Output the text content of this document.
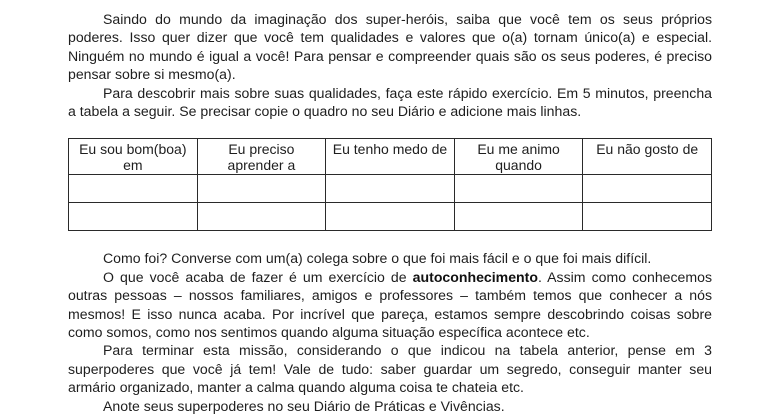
Saindo do mundo da imaginação dos super-heróis, saiba que você tem os seus próprios poderes. Isso quer dizer que você tem qualidades e valores que o(a) tornam único(a) e especial. Ninguém no mundo é igual a você! Para pensar e compreender quais são os seus poderes, é preciso pensar sobre si mesmo(a).

Para descobrir mais sobre suas qualidades, faça este rápido exercício. Em 5 minutos, preencha a tabela a seguir. Se precisar copie o quadro no seu Diário e adicione mais linhas.

Eu sou bom(boa) em	Eu preciso aprender a	Eu tenho medo de	Eu me animo quando	Eu não gosto de

Como foi? Converse com um(a) colega sobre o que foi mais fácil e o que foi mais difícil.

O que você acaba de fazer é um exercício de autoconhecimento. Assim como conhecemos outras pessoas – nossos familiares, amigos e professores – também temos que conhecer a nós mesmos! E isso nunca acaba. Por incrível que pareça, estamos sempre descobrindo coisas sobre como somos, como nos sentimos quando alguma situação específica acontece etc.

Para terminar esta missão, considerando o que indicou na tabela anterior, pense em 3 superpoderes que você já tem! Vale de tudo: saber guardar um segredo, conseguir manter seu armário organizado, manter a calma quando alguma coisa te chateia etc.

Anote seus superpoderes no seu Diário de Práticas e Vivências.
